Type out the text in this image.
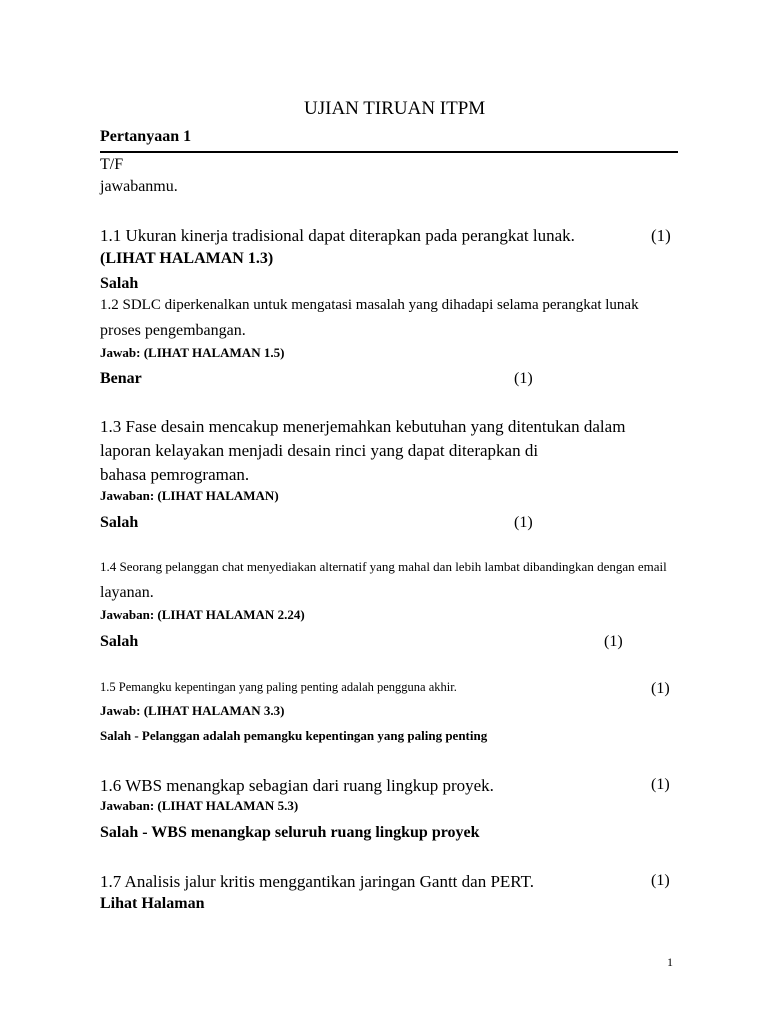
UJIAN TIRUAN ITPM
Pertanyaan 1
T/F
jawabanmu.
1.1 Ukuran kinerja tradisional dapat diterapkan pada perangkat lunak.	(1)
(LIHAT HALAMAN 1.3)
Salah
1.2 SDLC diperkenalkan untuk mengatasi masalah yang dihadapi selama perangkat lunak
proses pengembangan.
Jawab: (LIHAT HALAMAN 1.5)
Benar	(1)
1.3 Fase desain mencakup menerjemahkan kebutuhan yang ditentukan dalam
laporan kelayakan menjadi desain rinci yang dapat diterapkan di
bahasa pemrograman.
Jawaban: (LIHAT HALAMAN)
Salah	(1)
1.4 Seorang pelanggan chat menyediakan alternatif yang mahal dan lebih lambat dibandingkan dengan email
layanan.
Jawaban: (LIHAT HALAMAN 2.24)
Salah	(1)
1.5 Pemangku kepentingan yang paling penting adalah pengguna akhir.	(1)
Jawab: (LIHAT HALAMAN 3.3)
Salah - Pelanggan adalah pemangku kepentingan yang paling penting
1.6 WBS menangkap sebagian dari ruang lingkup proyek.	(1)
Jawaban: (LIHAT HALAMAN 5.3)
Salah - WBS menangkap seluruh ruang lingkup proyek
1.7 Analisis jalur kritis menggantikan jaringan Gantt dan PERT.	(1)
Lihat Halaman
1
